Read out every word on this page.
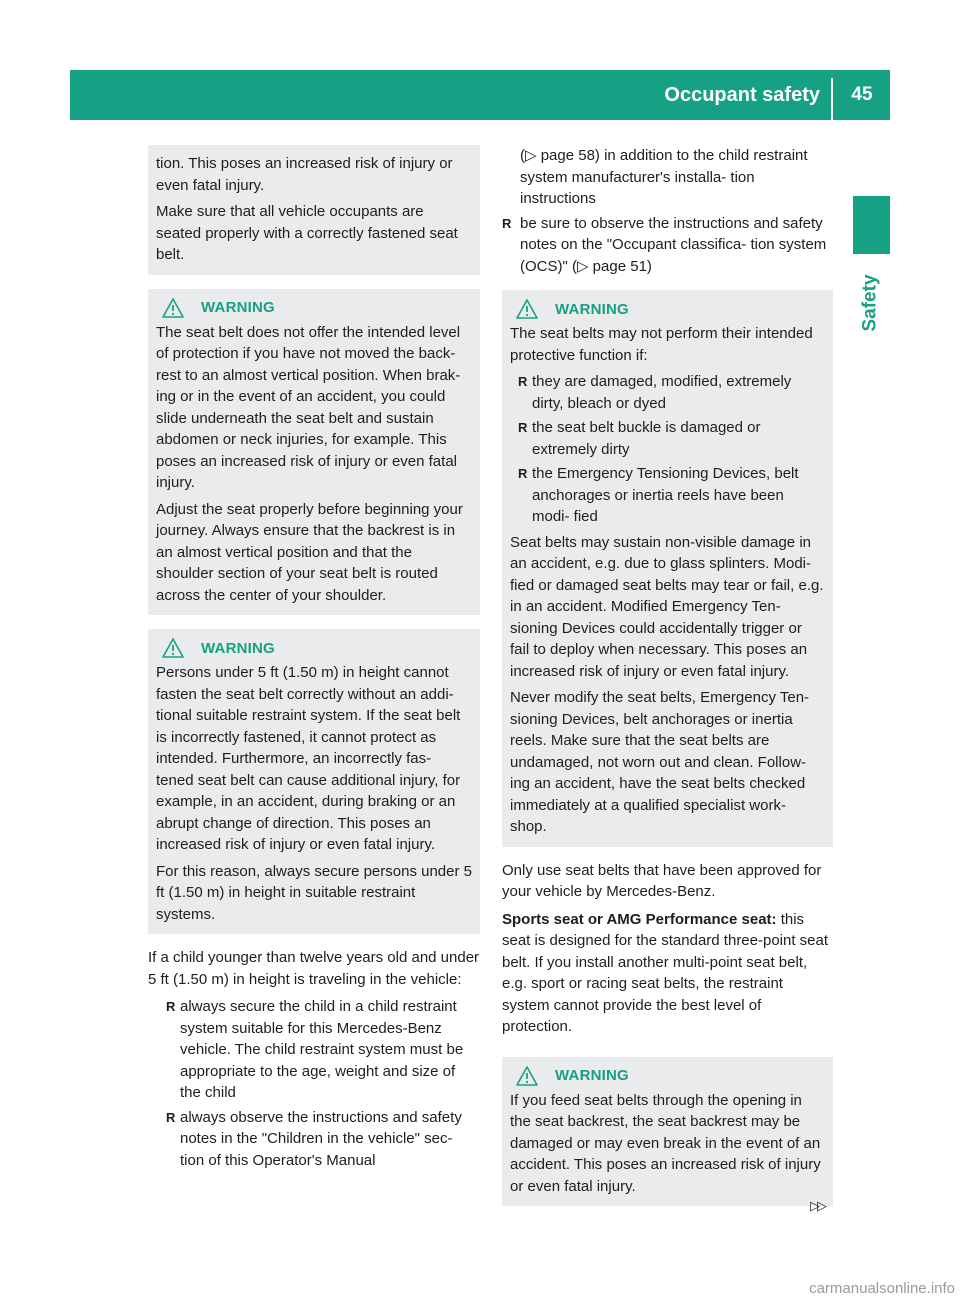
Occupant safety	45
Safety
tion. This poses an increased risk of injury or even fatal injury.
Make sure that all vehicle occupants are seated properly with a correctly fastened seat belt.
WARNING
The seat belt does not offer the intended level of protection if you have not moved the back- rest to an almost vertical position. When brak- ing or in the event of an accident, you could slide underneath the seat belt and sustain abdomen or neck injuries, for example. This poses an increased risk of injury or even fatal injury.
Adjust the seat properly before beginning your journey. Always ensure that the backrest is in an almost vertical position and that the shoulder section of your seat belt is routed across the center of your shoulder.
WARNING
Persons under 5 ft (1.50 m) in height cannot fasten the seat belt correctly without an addi- tional suitable restraint system. If the seat belt is incorrectly fastened, it cannot protect as intended. Furthermore, an incorrectly fas- tened seat belt can cause additional injury, for example, in an accident, during braking or an abrupt change of direction. This poses an increased risk of injury or even fatal injury.
For this reason, always secure persons under 5 ft (1.50 m) in height in suitable restraint systems.
If a child younger than twelve years old and under 5 ft (1.50 m) in height is traveling in the vehicle:
R always secure the child in a child restraint system suitable for this Mercedes-Benz vehicle. The child restraint system must be appropriate to the age, weight and size of the child
R always observe the instructions and safety notes in the "Children in the vehicle" sec- tion of this Operator's Manual
(▷ page 58) in addition to the child restraint system manufacturer's installa- tion instructions
R be sure to observe the instructions and safety notes on the "Occupant classifica- tion system (OCS)" (▷ page 51)
WARNING
The seat belts may not perform their intended protective function if:
R they are damaged, modified, extremely dirty, bleach or dyed
R the seat belt buckle is damaged or extremely dirty
R the Emergency Tensioning Devices, belt anchorages or inertia reels have been modi- fied
Seat belts may sustain non-visible damage in an accident, e.g. due to glass splinters. Modi- fied or damaged seat belts may tear or fail, e.g. in an accident. Modified Emergency Ten- sioning Devices could accidentally trigger or fail to deploy when necessary. This poses an increased risk of injury or even fatal injury.
Never modify the seat belts, Emergency Ten- sioning Devices, belt anchorages or inertia reels. Make sure that the seat belts are undamaged, not worn out and clean. Follow- ing an accident, have the seat belts checked immediately at a qualified specialist work- shop.
Only use seat belts that have been approved for your vehicle by Mercedes-Benz.
Sports seat or AMG Performance seat: this seat is designed for the standard three-point seat belt. If you install another multi-point seat belt, e.g. sport or racing seat belts, the restraint system cannot provide the best level of protection.
WARNING
If you feed seat belts through the opening in the seat backrest, the seat backrest may be damaged or may even break in the event of an accident. This poses an increased risk of injury or even fatal injury.
▷▷
carmanualsonline.info
